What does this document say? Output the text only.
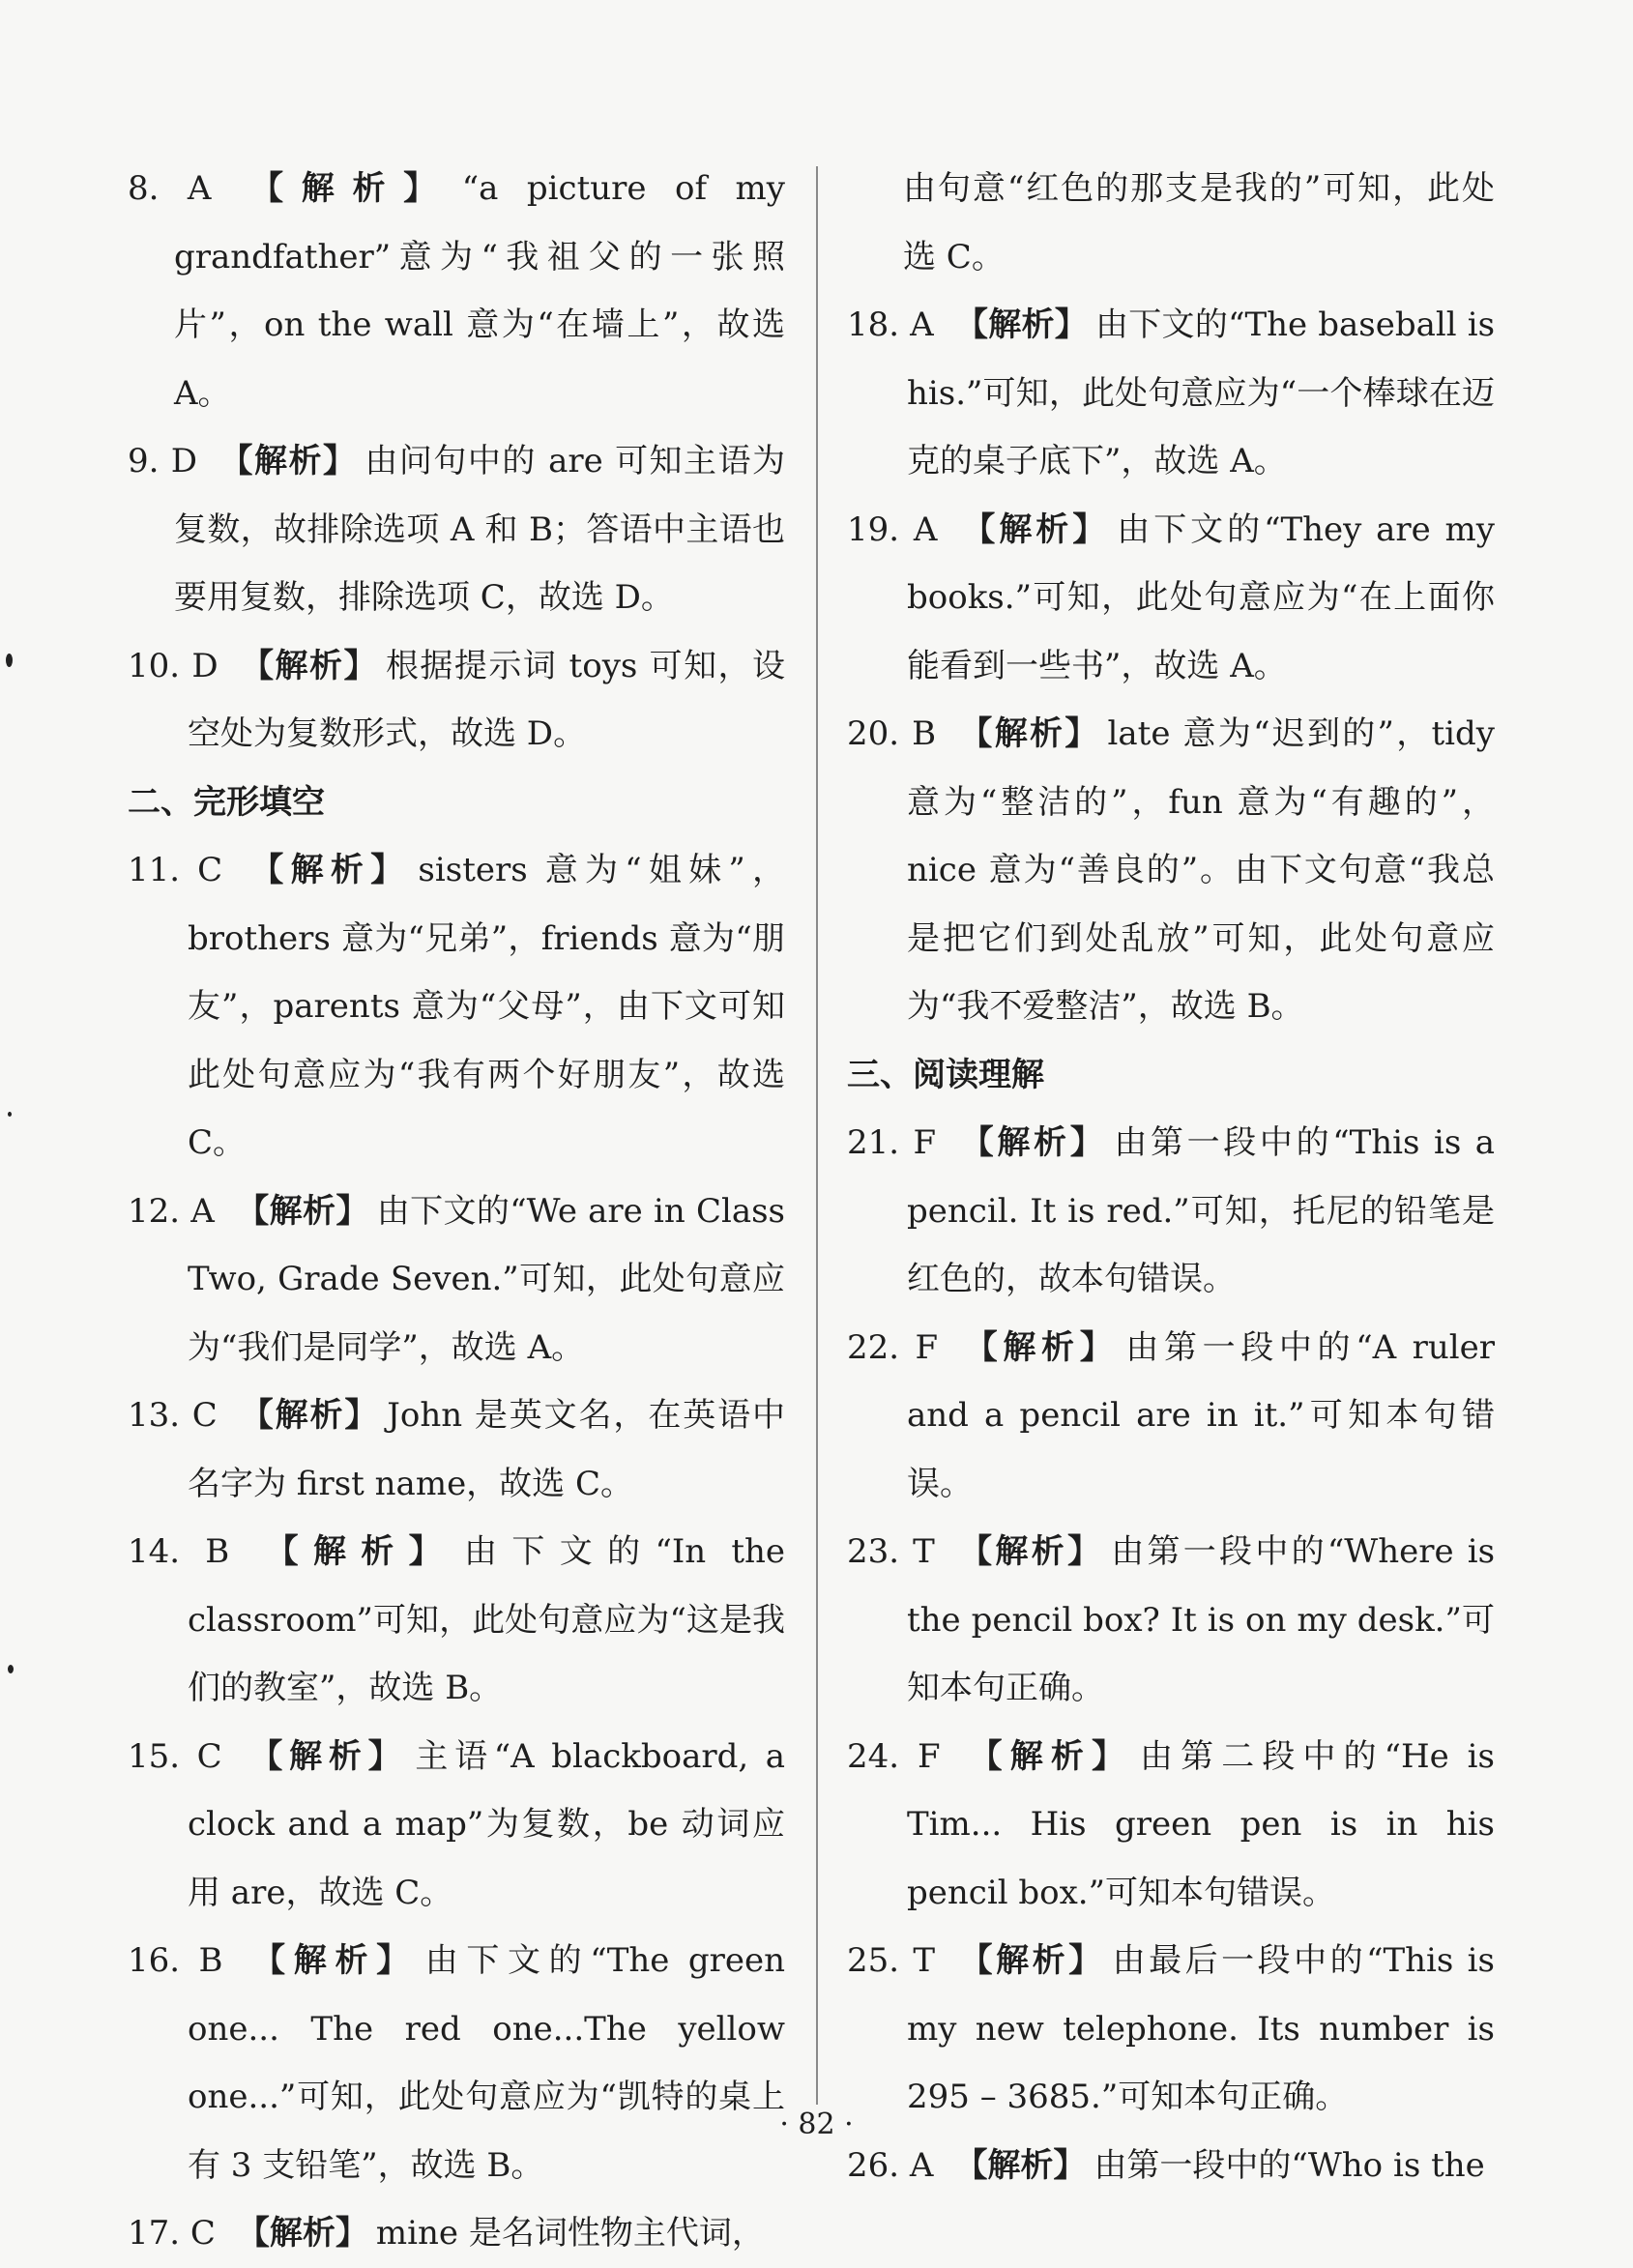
8. A 【解析】 “a picture of my grandfather”意为“我祖父的一张照片”，on the wall 意为“在墙上”，故选 A。
9. D 【解析】 由问句中的 are 可知主语为复数，故排除选项 A 和 B；答语中主语也要用复数，排除选项 C，故选 D。
10. D 【解析】 根据提示词 toys 可知，设空处为复数形式，故选 D。
二、完形填空
11. C 【解析】 sisters 意为“姐妹”，brothers 意为“兄弟”，friends 意为“朋友”，parents 意为“父母”，由下文可知此处句意应为“我有两个好朋友”，故选 C。
12. A 【解析】 由下文的“We are in Class Two, Grade Seven.”可知，此处句意应为“我们是同学”，故选 A。
13. C 【解析】 John 是英文名，在英语中名字为 first name，故选 C。
14. B 【解析】 由下文的“In the classroom”可知，此处句意应为“这是我们的教室”，故选 B。
15. C 【解析】 主语“A blackboard, a clock and a map”为复数，be 动词应用 are，故选 C。
16. B 【解析】 由下文的“The green one... The red one...The yellow one...”可知，此处句意应为“凯特的桌上有 3 支铅笔”，故选 B。
17. C 【解析】 mine 是名词性物主代词，
由句意“红色的那支是我的”可知，此处选 C。
18. A 【解析】 由下文的“The baseball is his.”可知，此处句意应为“一个棒球在迈克的桌子底下”，故选 A。
19. A 【解析】 由下文的“They are my books.”可知，此处句意应为“在上面你能看到一些书”，故选 A。
20. B 【解析】 late 意为“迟到的”，tidy 意为“整洁的”，fun 意为“有趣的”，nice 意为“善良的”。由下文句意“我总是把它们到处乱放”可知，此处句意应为“我不爱整洁”，故选 B。
三、阅读理解
21. F 【解析】 由第一段中的“This is a pencil. It is red.”可知，托尼的铅笔是红色的，故本句错误。
22. F 【解析】 由第一段中的“A ruler and a pencil are in it.”可知本句错误。
23. T 【解析】 由第一段中的“Where is the pencil box? It is on my desk.”可知本句正确。
24. F 【解析】 由第二段中的“He is Tim... His green pen is in his pencil box.”可知本句错误。
25. T 【解析】 由最后一段中的“This is my new telephone. Its number is 295 – 3685.”可知本句正确。
26. A 【解析】 由第一段中的“Who is the
· 82 ·
